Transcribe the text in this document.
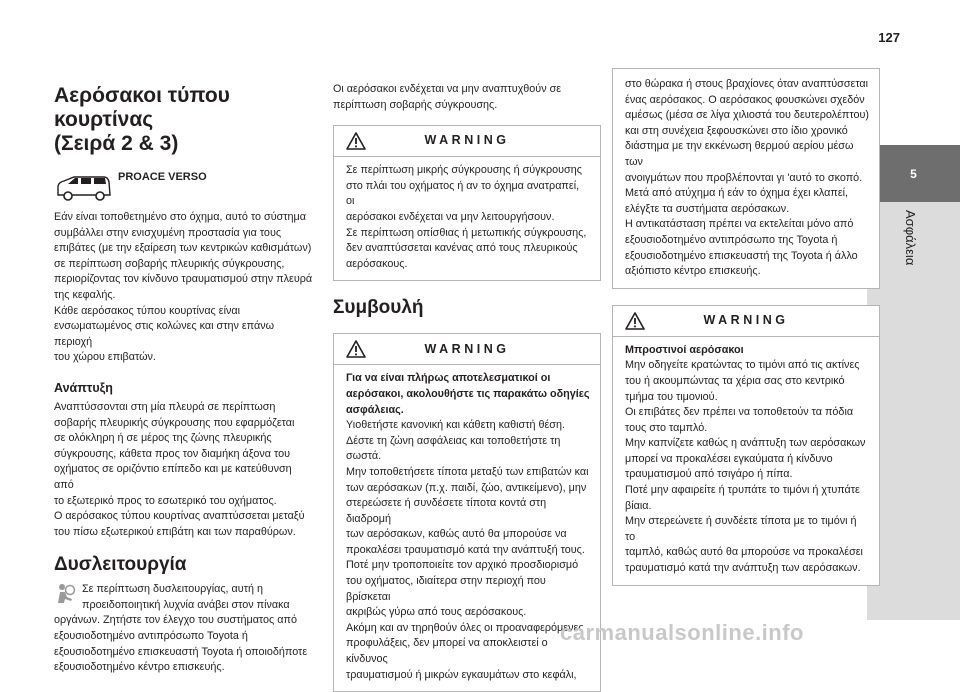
127
5
Ασφάλεια
Αερόσακοι τύπου κουρτίνας
(Σειρά 2 & 3)
PROACE VERSO

Εάν είναι τοποθετημένο στο όχημα, αυτό το σύστημα

συμβάλλει στην ενισχυμένη προστασία για τους

επιβάτες (με την εξαίρεση των κεντρικών καθισμάτων)

σε περίπτωση σοβαρής πλευρικής σύγκρουσης,

περιορίζοντας τον κίνδυνο τραυματισμού στην πλευρά

της κεφαλής.

Κάθε αερόσακος τύπου κουρτίνας είναι

ενσωματωμένος στις κολώνες και στην επάνω περιοχή

του χώρου επιβατών.

Ανάπτυξη

Αναπτύσσονται στη μία πλευρά σε περίπτωση

σοβαρής πλευρικής σύγκρουσης που εφαρμόζεται

σε ολόκληρη ή σε μέρος της ζώνης πλευρικής

σύγκρουσης, κάθετα προς τον διαμήκη άξονα του

οχήματος σε οριζόντιο επίπεδο και με κατεύθυνση από

το εξωτερικό προς το εσωτερικό του οχήματος.

Ο αερόσακος τύπου κουρτίνας αναπτύσσεται μεταξύ

του πίσω εξωτερικού επιβάτη και των παραθύρων.

Δυσλειτουργία

Σε περίπτωση δυσλειτουργίας, αυτή η

προειδοποιητική λυχνία ανάβει στον πίνακα

οργάνων. Ζητήστε τον έλεγχο του συστήματος από

εξουσιοδοτημένο αντιπρόσωπο Toyota ή

εξουσιοδοτημένο επισκευαστή Toyota ή οποιοδήποτε

εξουσιοδοτημένο κέντρο επισκευής.

Οι αερόσακοι ενδέχεται να μην αναπτυχθούν σε

περίπτωση σοβαρής σύγκρουσης.

WARNING

Σε περίπτωση μικρής σύγκρουσης ή σύγκρουσης

στο πλάι του οχήματος ή αν το όχημα ανατραπεί, οι

αερόσακοι ενδέχεται να μην λειτουργήσουν.

Σε περίπτωση οπίσθιας ή μετωπικής σύγκρουσης,

δεν αναπτύσσεται κανένας από τους πλευρικούς

αερόσακους.

Συμβουλή
WARNING

Για να είναι πλήρως αποτελεσματικοί οι

αερόσακοι, ακολουθήστε τις παρακάτω οδηγίες

ασφάλειας.

Υιοθετήστε κανονική και κάθετη καθιστή θέση.

Δέστε τη ζώνη ασφάλειας και τοποθετήστε τη

σωστά.

Μην τοποθετήσετε τίποτα μεταξύ των επιβατών και

των αερόσακων (π.χ. παιδί, ζώο, αντικείμενο), μην

στερεώσετε ή συνδέσετε τίποτα κοντά στη διαδρομή

των αερόσακων, καθώς αυτό θα μπορούσε να

προκαλέσει τραυματισμό κατά την ανάπτυξή τους.

Ποτέ μην τροποποιείτε τον αρχικό προσδιορισμό

του οχήματος, ιδιαίτερα στην περιοχή που βρίσκεται

ακριβώς γύρω από τους αερόσακους.

Ακόμη και αν τηρηθούν όλες οι προαναφερόμενες

προφυλάξεις, δεν μπορεί να αποκλειστεί ο κίνδυνος

τραυματισμού ή μικρών εγκαυμάτων στο κεφάλι,

στο θώρακα ή στους βραχίονες όταν αναπτύσσεται

ένας αερόσακος. Ο αερόσακος φουσκώνει σχεδόν

αμέσως (μέσα σε λίγα χιλιοστά του δευτερολέπτου)

και στη συνέχεια ξεφουσκώνει στο ίδιο χρονικό

διάστημα με την εκκένωση θερμού αερίου μέσω των

ανοιγμάτων που προβλέπονται γι 'αυτό το σκοπό.

Μετά από ατύχημα ή εάν το όχημα έχει κλαπεί,

ελέγξτε τα συστήματα αερόσακων.

Η αντικατάσταση πρέπει να εκτελείται μόνο από

εξουσιοδοτημένο αντιπρόσωπο της Toyota ή

εξουσιοδοτημένο επισκευαστή της Toyota ή άλλο

αξιόπιστο κέντρο επισκευής.

WARNING

Μπροστινοί αερόσακοι

Μην οδηγείτε κρατώντας το τιμόνι από τις ακτίνες

του ή ακουμπώντας τα χέρια σας στο κεντρικό

τμήμα του τιμονιού.

Οι επιβάτες δεν πρέπει να τοποθετούν τα πόδια

τους στο ταμπλό.

Μην καπνίζετε καθώς η ανάπτυξη των αερόσακων

μπορεί να προκαλέσει εγκαύματα ή κίνδυνο

τραυματισμού από τσιγάρο ή πίπα.

Ποτέ μην αφαιρείτε ή τρυπάτε το τιμόνι ή χτυπάτε

βίαια.

Μην στερεώνετε ή συνδέετε τίποτα με το τιμόνι ή το

ταμπλό, καθώς αυτό θα μπορούσε να προκαλέσει

τραυματισμό κατά την ανάπτυξη των αερόσακων.

carmanualsonline.info
